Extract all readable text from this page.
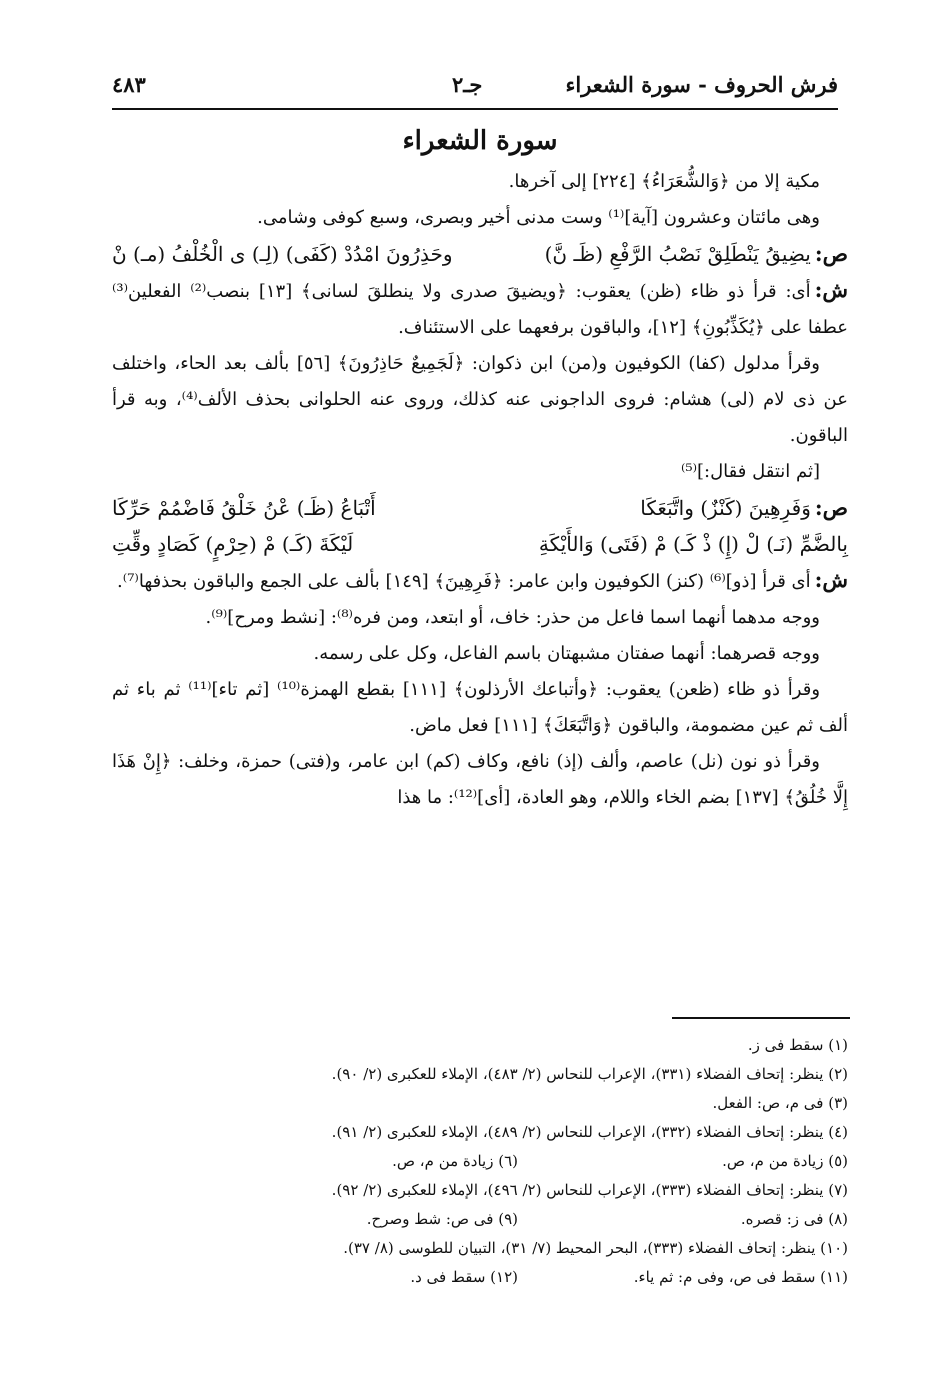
فرش الحروف - سورة الشعراء
جـ٢
٤٨٣
سورة الشعراء

مكية إلا من ﴿وَالشُّعَرَاءُ﴾ [٢٢٤] إلى آخرها.

وهى مائتان وعشرون [آية]⁽¹⁾ وست مدنى أخير وبصرى، وسبع كوفى وشامى.

ص:يضِيقُ يَنْطَلِقْ نَصْبُ الرَّفْعِ (ظَـ نَّ)
وحَذِرُونَ امْدُدْ (كَفَى) (لِـ) ى الْخُلْفُ (مـ) نْ

ش:أى: قرأ ذو ظاء (ظن) يعقوب: ﴿ويضيقَ صدرى ولا ينطلقَ لسانى﴾ [١٣] بنصب⁽²⁾ الفعلين⁽³⁾ عطفا على ﴿يُكَذِّبُونِ﴾ [١٢]، والباقون برفعهما على الاستئناف.

وقرأ مدلول (كفا) الكوفيون و(من) ابن ذكوان: ﴿لَجَمِيعٌ حَاذِرُونَ﴾ [٥٦] بألف بعد الحاء، واختلف عن ذى لام (لى) هشام: فروى الداجونى عنه كذلك، وروى عنه الحلوانى بحذف الألف⁽⁴⁾، وبه قرأ الباقون.

[ثم انتقل فقال:]⁽⁵⁾

ص:وَفَرِهِينَ (كَنْزٌ) واتَّبَعَكَا
أَتْبَاعُ (ظَـ) عْنُ خَلْقُ فَاضْمُمْ حَرِّكَا

بِالضَّمِّ (نَـ) لْ (إِ) ذْ كَـ) مْ (فَتَى) وَالأَيْكَةِ
لَيْكَةَ (كَـ) مْ (حِرْمٍ) كَصَادٍ وقِّتِ

ش:أى قرأ [ذو]⁽⁶⁾ (كنز) الكوفيون وابن عامر: ﴿فَرِهِينَ﴾ [١٤٩] بألف على الجمع والباقون بحذفها⁽⁷⁾.

ووجه مدهما أنهما اسما فاعل من حذر: خاف، أو ابتعد، ومن فره⁽⁸⁾: [نشط ومرح]⁽⁹⁾.

ووجه قصرهما: أنهما صفتان مشبهتان باسم الفاعل، وكل على رسمه.

وقرأ ذو ظاء (ظعن) يعقوب: ﴿وأتباعك الأرذلون﴾ [١١١] بقطع الهمزة⁽¹⁰⁾ [ثم تاء]⁽¹¹⁾ ثم باء ثم ألف ثم عين مضمومة، والباقون ﴿وَاتَّبَعَكَ﴾ [١١١] فعل ماض.

وقرأ ذو نون (نل) عاصم، وألف (إذ) نافع، وكاف (كم) ابن عامر، و(فتى) حمزة، وخلف: ﴿إِنْ هَذَا إِلَّا خُلُقُ﴾ [١٣٧] بضم الخاء واللام، وهو العادة، [أى]⁽¹²⁾: ما هذا

(١) سقط فى ز.
(٢) ينظر: إتحاف الفضلاء (٣٣١)، الإعراب للنحاس (٢/ ٤٨٣)، الإملاء للعكبرى (٢/ ٩٠).
(٣) فى م، ص: الفعل.
(٤) ينظر: إتحاف الفضلاء (٣٣٢)، الإعراب للنحاس (٢/ ٤٨٩)، الإملاء للعكبرى (٢/ ٩١).
(٥) زيادة من م، ص.
(٦) زيادة من م، ص.
(٧) ينظر: إتحاف الفضلاء (٣٣٣)، الإعراب للنحاس (٢/ ٤٩٦)، الإملاء للعكبرى (٢/ ٩٢).
(٨) فى ز: قصره.
(٩) فى ص: شط وصرح.
(١٠) ينظر: إتحاف الفضلاء (٣٣٣)، البحر المحيط (٧/ ٣١)، التبيان للطوسى (٨/ ٣٧).
(١١) سقط فى ص، وفى م: ثم ياء.
(١٢) سقط فى د.
